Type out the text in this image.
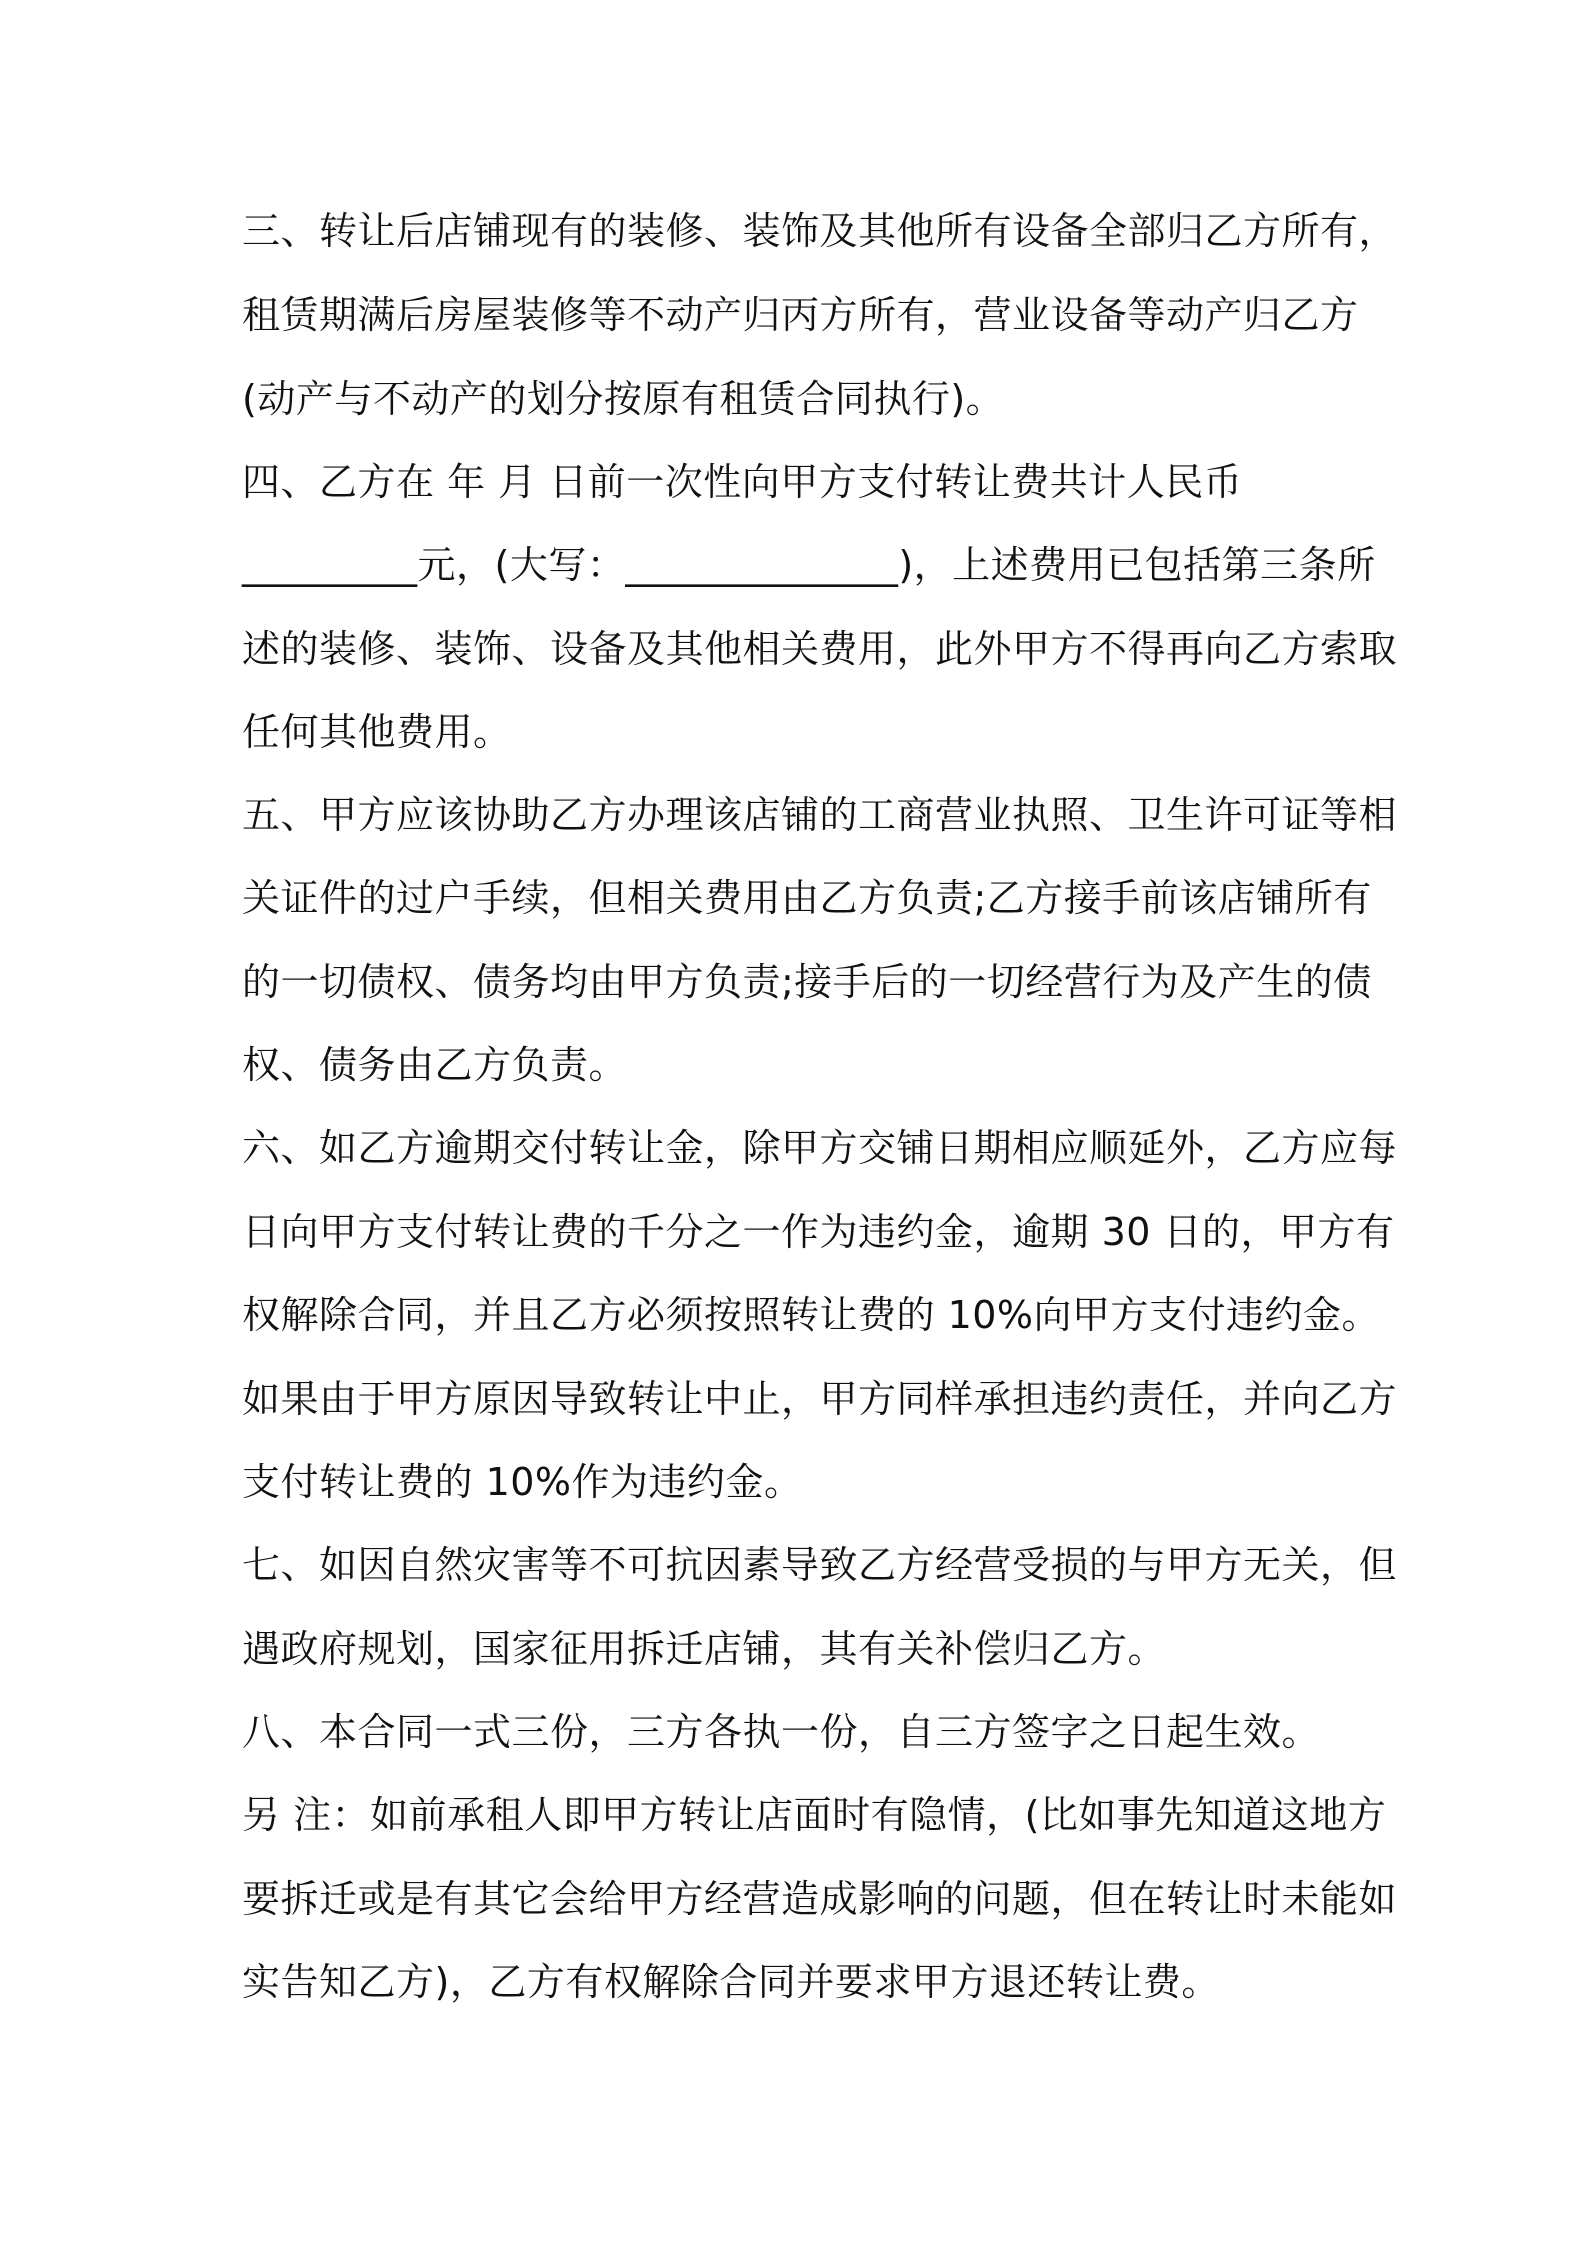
三、转让后店铺现有的装修、装饰及其他所有设备全部归乙方所有，
租赁期满后房屋装修等不动产归丙方所有，营业设备等动产归乙方
(动产与不动产的划分按原有租赁合同执行)。
四、乙方在 年 月 日前一次性向甲方支付转让费共计人民币
_________元，(大写：______________)，上述费用已包括第三条所
述的装修、装饰、设备及其他相关费用，此外甲方不得再向乙方索取
任何其他费用。
五、甲方应该协助乙方办理该店铺的工商营业执照、卫生许可证等相
关证件的过户手续，但相关费用由乙方负责;乙方接手前该店铺所有
的一切债权、债务均由甲方负责;接手后的一切经营行为及产生的债
权、债务由乙方负责。
六、如乙方逾期交付转让金，除甲方交铺日期相应顺延外，乙方应每
日向甲方支付转让费的千分之一作为违约金，逾期 30 日的，甲方有
权解除合同，并且乙方必须按照转让费的 10%向甲方支付违约金。
如果由于甲方原因导致转让中止，甲方同样承担违约责任，并向乙方
支付转让费的 10%作为违约金。
七、如因自然灾害等不可抗因素导致乙方经营受损的与甲方无关，但
遇政府规划，国家征用拆迁店铺，其有关补偿归乙方。
八、本合同一式三份，三方各执一份，自三方签字之日起生效。
另 注：如前承租人即甲方转让店面时有隐情，(比如事先知道这地方
要拆迁或是有其它会给甲方经营造成影响的问题，但在转让时未能如
实告知乙方)，乙方有权解除合同并要求甲方退还转让费。
